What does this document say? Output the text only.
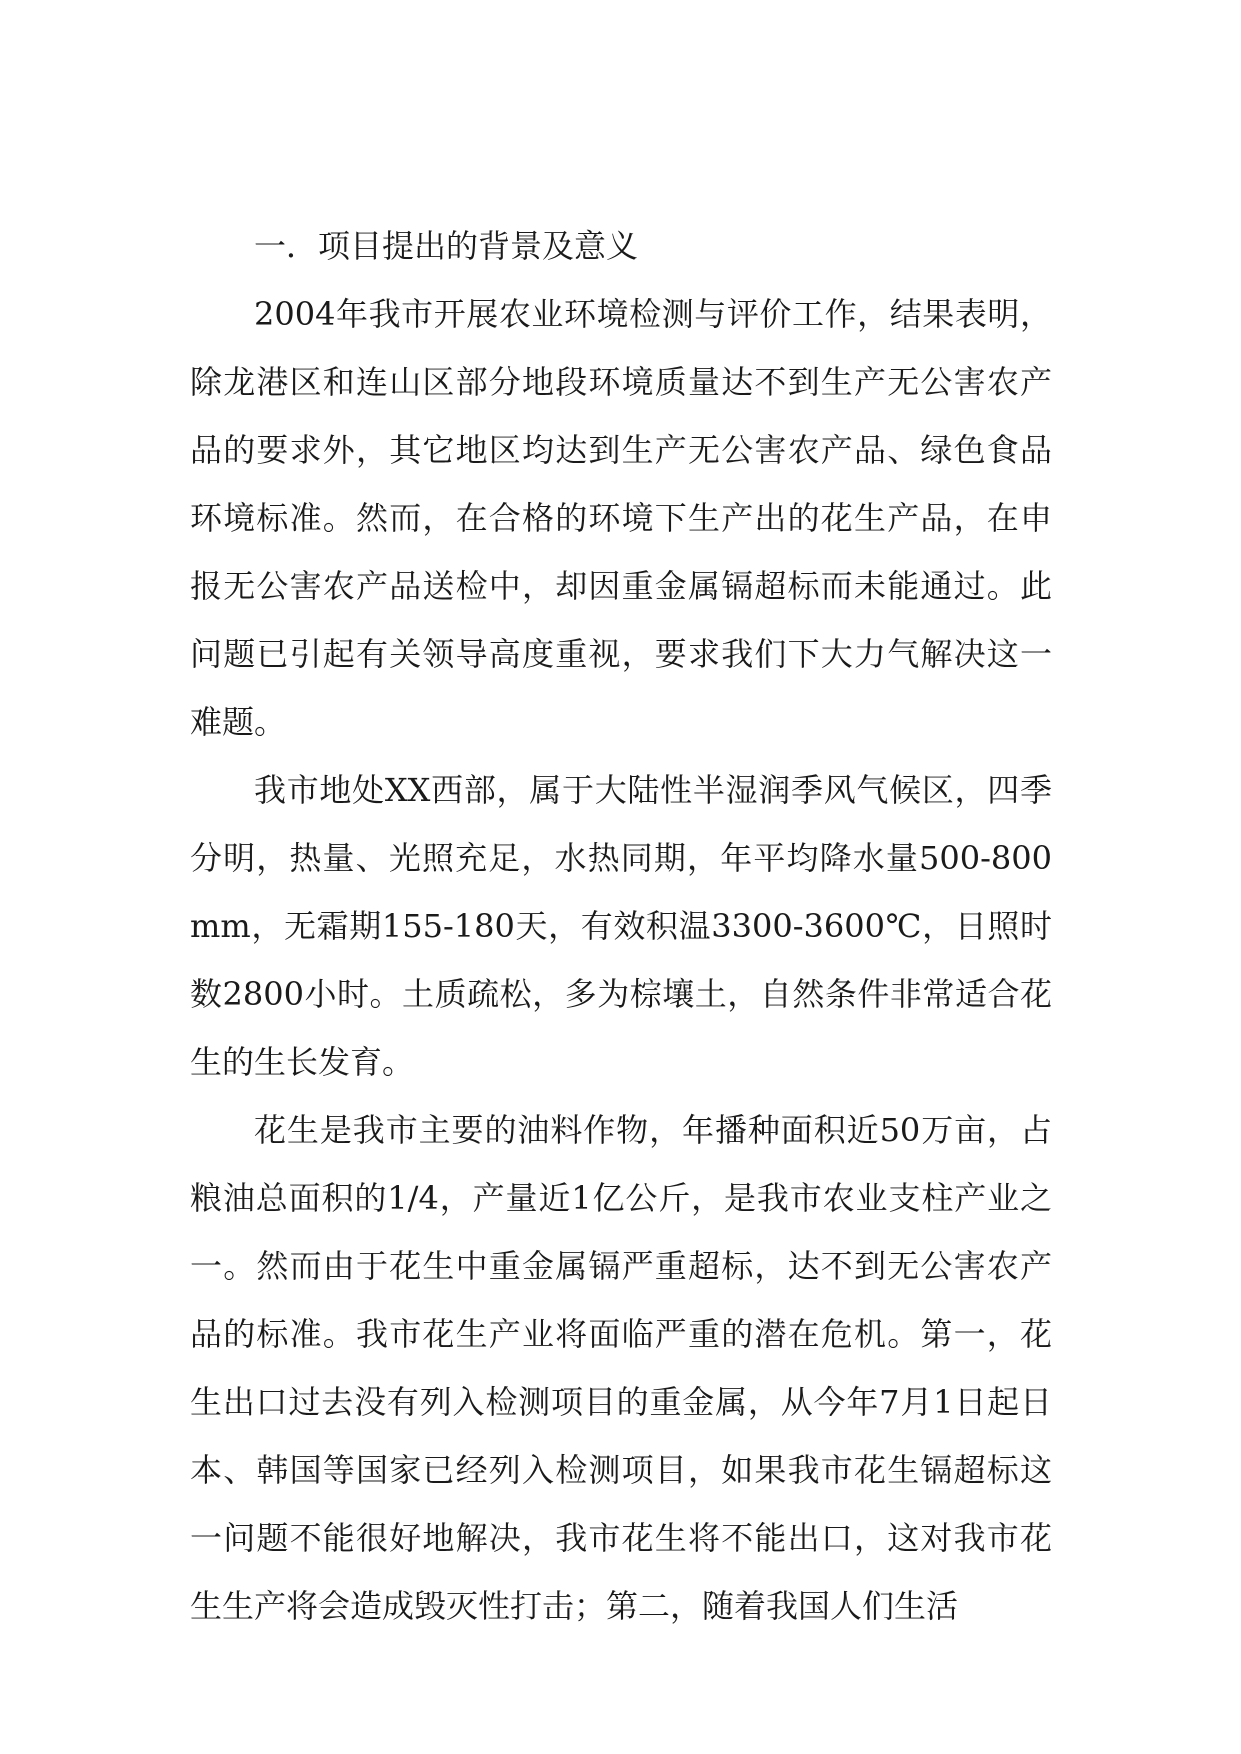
一．项目提出的背景及意义

2004年我市开展农业环境检测与评价工作，结果表明，除龙港区和连山区部分地段环境质量达不到生产无公害农产品的要求外，其它地区均达到生产无公害农产品、绿色食品环境标准。然而，在合格的环境下生产出的花生产品，在申报无公害农产品送检中，却因重金属镉超标而未能通过。此问题已引起有关领导高度重视，要求我们下大力气解决这一难题。

我市地处XX西部，属于大陆性半湿润季风气候区，四季分明，热量、光照充足，水热同期，年平均降水量500-800mm，无霜期155-180天，有效积温3300-3600℃，日照时数2800小时。土质疏松，多为棕壤土，自然条件非常适合花生的生长发育。

花生是我市主要的油料作物，年播种面积近50万亩，占粮油总面积的1/4，产量近1亿公斤，是我市农业支柱产业之一。然而由于花生中重金属镉严重超标，达不到无公害农产品的标准。我市花生产业将面临严重的潜在危机。第一，花生出口过去没有列入检测项目的重金属，从今年7月1日起日本、韩国等国家已经列入检测项目，如果我市花生镉超标这一问题不能很好地解决，我市花生将不能出口，这对我市花生生产将会造成毁灭性打击；第二，随着我国人们生活
